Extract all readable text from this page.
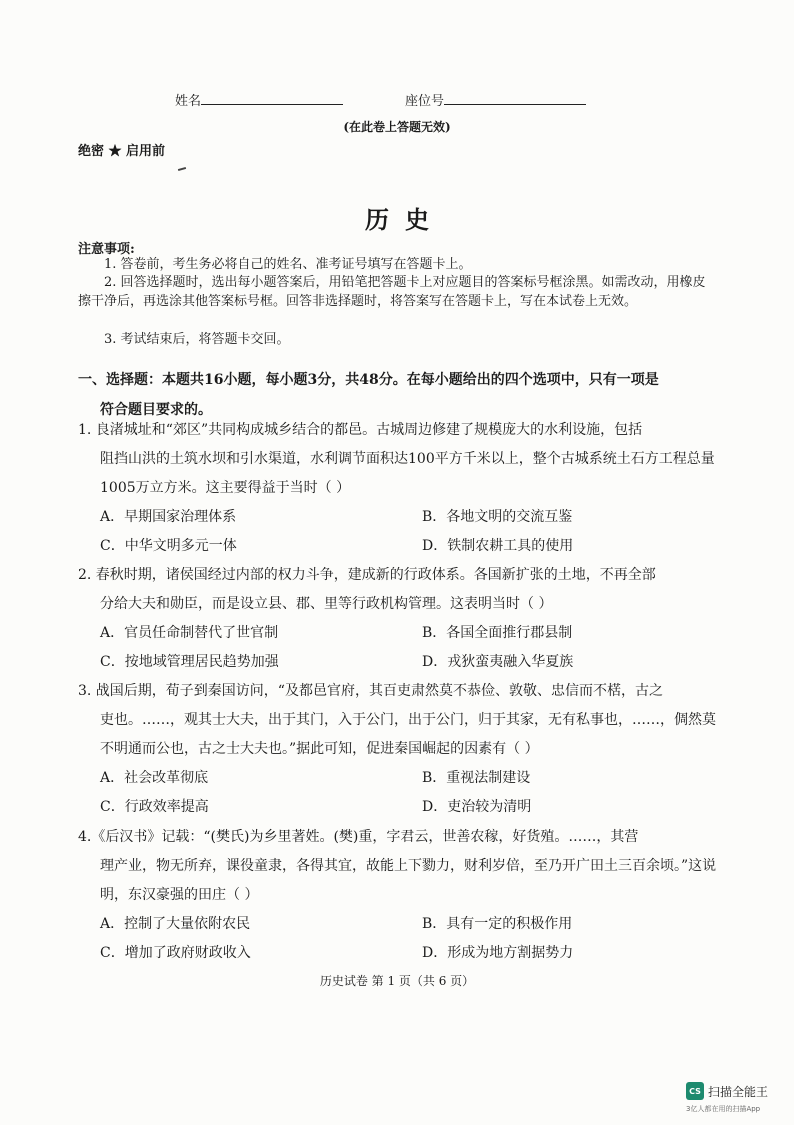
姓名	座位号
(在此卷上答题无效)
绝密 ★ 启用前
历史
注意事项:
1. 答卷前，考生务必将自己的姓名、准考证号填写在答题卡上。
2. 回答选择题时，选出每小题答案后，用铅笔把答题卡上对应题目的答案标号框涂黑。如需改动，用橡皮擦干净后，再选涂其他答案标号框。回答非选择题时，将答案写在答题卡上，写在本试卷上无效。
3. 考试结束后，将答题卡交回。
一、选择题：本题共16小题，每小题3分，共48分。在每小题给出的四个选项中，只有一项是
符合题目要求的。
1. 良渚城址和“郊区”共同构成城乡结合的都邑。古城周边修建了规模庞大的水利设施，包括
阻挡山洪的土筑水坝和引水渠道，水利调节面积达100平方千米以上，整个古城系统土石方工程总量1005万立方米。这主要得益于当时（ ）
A．早期国家治理体系	B．各地文明的交流互鉴
C．中华文明多元一体	D．铁制农耕工具的使用
2. 春秋时期，诸侯国经过内部的权力斗争，建成新的行政体系。各国新扩张的土地，不再全部
分给大夫和勋臣，而是设立县、郡、里等行政机构管理。这表明当时（ ）
A．官员任命制替代了世官制	B．各国全面推行郡县制
C．按地域管理居民趋势加强	D．戎狄蛮夷融入华夏族
3. 战国后期，荀子到秦国访问，“及都邑官府，其百吏肃然莫不恭俭、敦敬、忠信而不楛，古之
吏也。……，观其士大夫，出于其门，入于公门，出于公门，归于其家，无有私事也，……，倜然莫不明通而公也，古之士大夫也。”据此可知，促进秦国崛起的因素有（ ）
A．社会改革彻底	B．重视法制建设
C．行政效率提高	D．吏治较为清明
4.《后汉书》记载：“(樊氏)为乡里著姓。(樊)重，字君云，世善农稼，好货殖。……，其营
理产业，物无所弃，课役童隶，各得其宜，故能上下勠力，财利岁倍，至乃开广田土三百余顷。”这说明，东汉豪强的田庄（ ）
A．控制了大量依附农民	B．具有一定的积极作用
C．增加了政府财政收入	D．形成为地方割据势力
历史试卷 第 1 页（共 6 页）
CS 扫描全能王
3亿人都在用的扫描App
